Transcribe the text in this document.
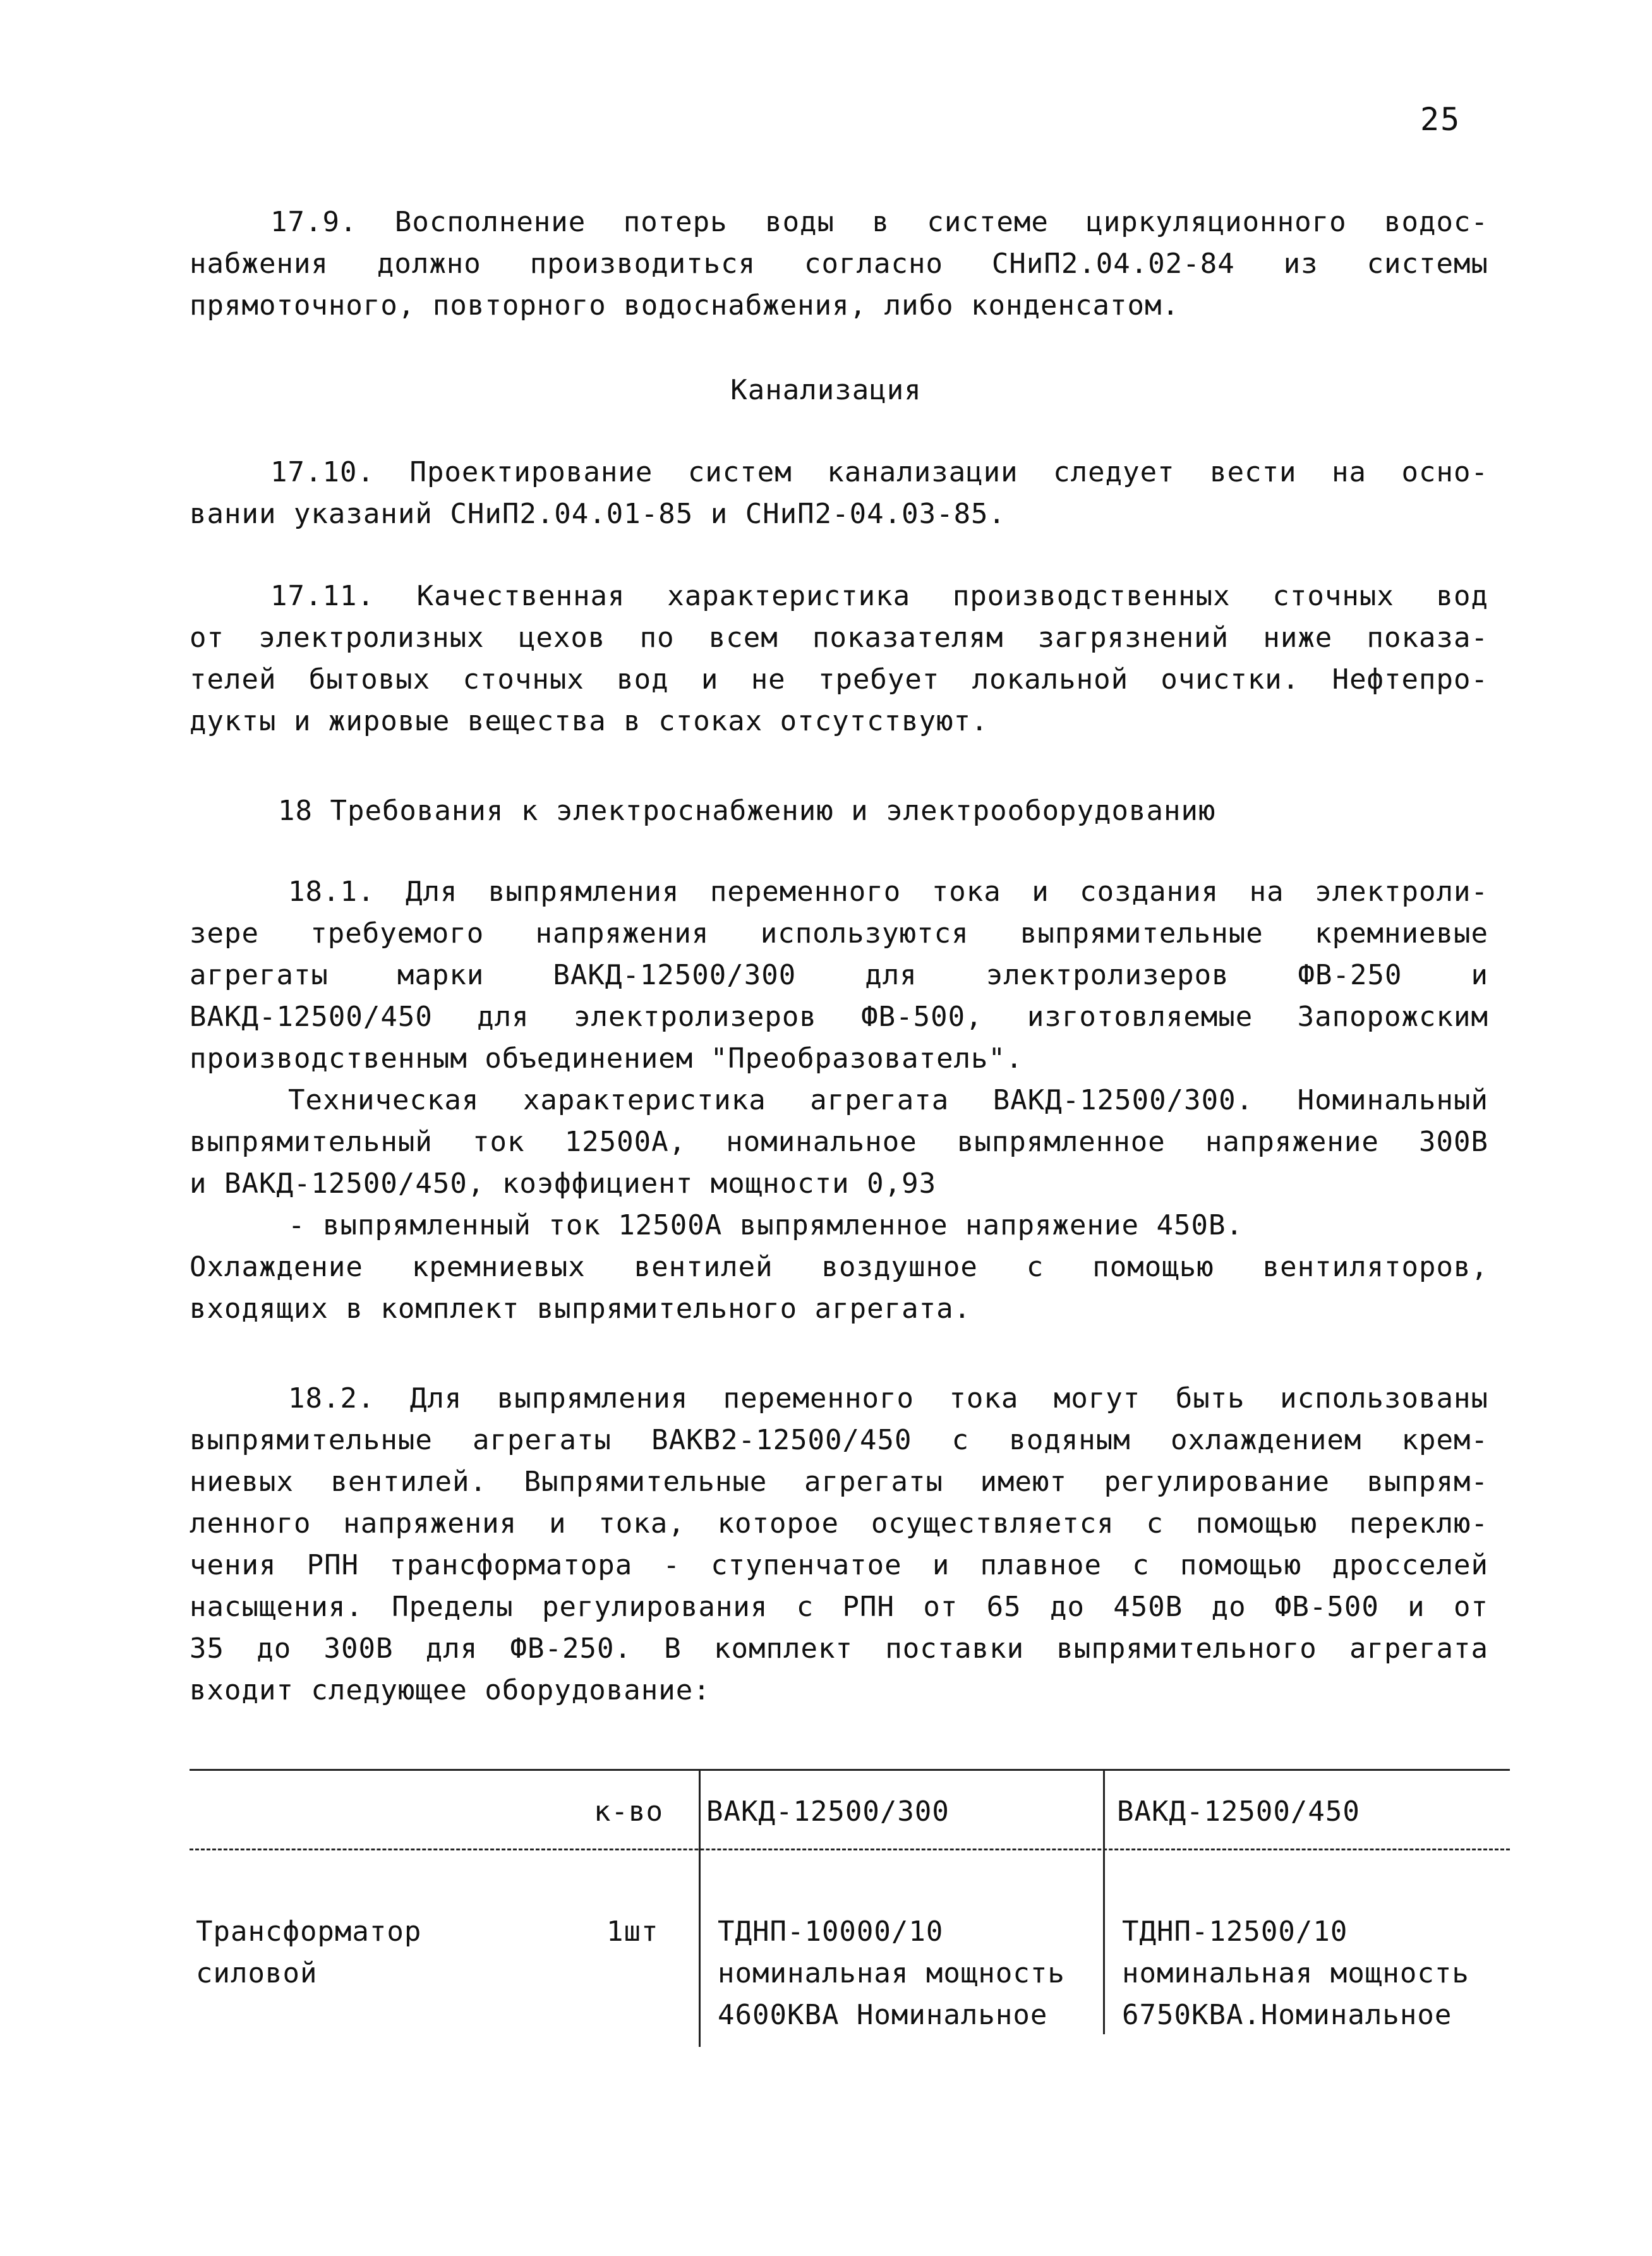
25
17.9. Восполнение потерь воды в системе циркуляционного водос-
набжения должно производиться согласно СНиП2.04.02-84 из системы
прямоточного, повторного водоснабжения, либо конденсатом.
Канализация
17.10. Проектирование систем канализации следует вести на осно-
вании указаний СНиП2.04.01-85 и СНиП2-04.03-85.
17.11. Качественная характеристика производственных сточных вод
от электролизных цехов по всем показателям загрязнений ниже показа-
телей бытовых сточных вод и не требует локальной очистки. Нефтепро-
дукты и жировые вещества в стоках отсутствуют.
18 Требования к электроснабжению и электрооборудованию
18.1. Для выпрямления переменного тока и создания на электроли-
зере требуемого напряжения используются выпрямительные кремниевые
агрегаты марки ВАКД-12500/300 для электролизеров ФВ-250 и
ВАКД-12500/450 для электролизеров ФВ-500, изготовляемые Запорожским
производственным объединением "Преобразователь".
Техническая характеристика агрегата ВАКД-12500/300. Номинальный
выпрямительный ток 12500А, номинальное выпрямленное напряжение 300В
и ВАКД-12500/450, коэффициент мощности 0,93
- выпрямленный ток 12500А выпрямленное напряжение 450В.
Охлаждение кремниевых вентилей воздушное с помощью вентиляторов,
входящих в комплект выпрямительного агрегата.
18.2. Для выпрямления переменного тока могут быть использованы
выпрямительные агрегаты ВАКВ2-12500/450 с водяным охлаждением крем-
ниевых вентилей. Выпрямительные агрегаты имеют регулирование выпрям-
ленного напряжения и тока, которое осуществляется с помощью переклю-
чения РПН трансформатора - ступенчатое и плавное с помощью дросселей
насыщения. Пределы регулирования с РПН от 65 до 450В до ФВ-500 и от
35 до 300В для ФВ-250. В комплект поставки выпрямительного агрегата
входит следующее оборудование:
к-во ВАКД-12500/300	ВАКД-12500/450
Трансформатор
силовой
1шт ТДНП-10000/10
номинальная мощность
4600КВА Номинальное
ТДНП-12500/10
номинальная мощность
6750КВА.Номинальное
